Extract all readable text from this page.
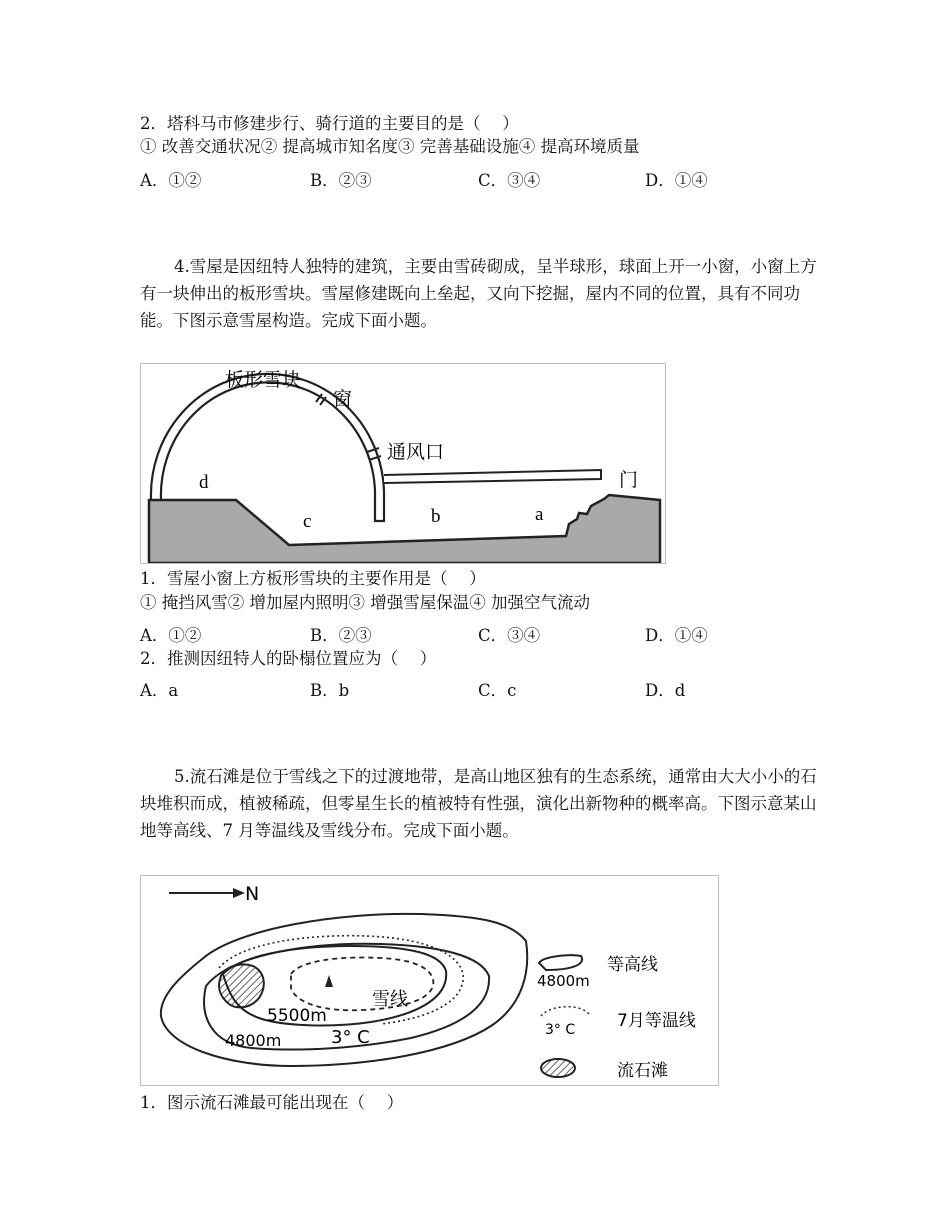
2．塔科马市修建步行、骑行道的主要目的是（　 ）
① 改善交通状况② 提高城市知名度③ 完善基础设施④ 提高环境质量
A．①②	B．②③	C．③④	D．①④
4.雪屋是因纽特人独特的建筑，主要由雪砖砌成，呈半球形，球面上开一小窗，小窗上方有一块伸出的板形雪块。雪屋修建既向上垒起，又向下挖掘，屋内不同的位置，具有不同功能。下图示意雪屋构造。完成下面小题。
板形雪块
窗
通风口
门
d
c	b	a
1．雪屋小窗上方板形雪块的主要作用是（　 ）
① 掩挡风雪② 增加屋内照明③ 增强雪屋保温④ 加强空气流动
A．①②	B．②③	C．③④	D．①④
2．推测因纽特人的卧榻位置应为（　 ）
A．a	B．b	C．c	D．d
5.流石滩是位于雪线之下的过渡地带，是高山地区独有的生态系统，通常由大大小小的石块堆积而成，植被稀疏，但零星生长的植被特有性强，演化出新物种的概率高。下图示意某山地等高线、7 月等温线及雪线分布。完成下面小题。
N
雪线
5500m
3° C
4800m
4800m
等高线
3° C 7月等温线
流石滩
1．图示流石滩最可能出现在（　 ）
